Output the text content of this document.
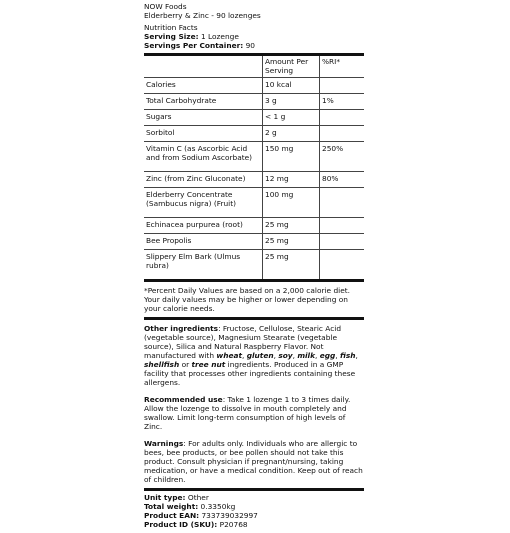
NOW Foods
Elderberry & Zinc - 90 lozenges
Nutrition Facts
Serving Size: 1 Lozenge
Servings Per Container: 90
	Amount Per Serving	%RI*
Calories	10 kcal	
Total Carbohydrate	3 g	1%
Sugars	< 1 g	
Sorbitol	2 g	
Vitamin C (as Ascorbic Acid and from Sodium Ascorbate)	150 mg	250%
Zinc (from Zinc Gluconate)	12 mg	80%
Elderberry Concentrate (Sambucus nigra) (Fruit)	100 mg	
Echinacea purpurea (root)	25 mg	
Bee Propolis	25 mg	
Slippery Elm Bark (Ulmus rubra)	25 mg	
*Percent Daily Values are based on a 2,000 calorie diet. Your daily values may be higher or lower depending on your calorie needs.
Other ingredients: Fructose, Cellulose, Stearic Acid (vegetable source), Magnesium Stearate (vegetable source), Silica and Natural Raspberry Flavor. Not manufactured with wheat, gluten, soy, milk, egg, fish, shellfish or tree nut ingredients. Produced in a GMP facility that processes other ingredients containing these allergens.
Recommended use: Take 1 lozenge 1 to 3 times daily. Allow the lozenge to dissolve in mouth completely and swallow. Limit long-term consumption of high levels of Zinc.
Warnings: For adults only. Individuals who are allergic to bees, bee products, or bee pollen should not take this product. Consult physician if pregnant/nursing, taking medication, or have a medical condition. Keep out of reach of children.
Unit type: Other
Total weight: 0.3350kg
Product EAN: 733739032997
Product ID (SKU): P20768
